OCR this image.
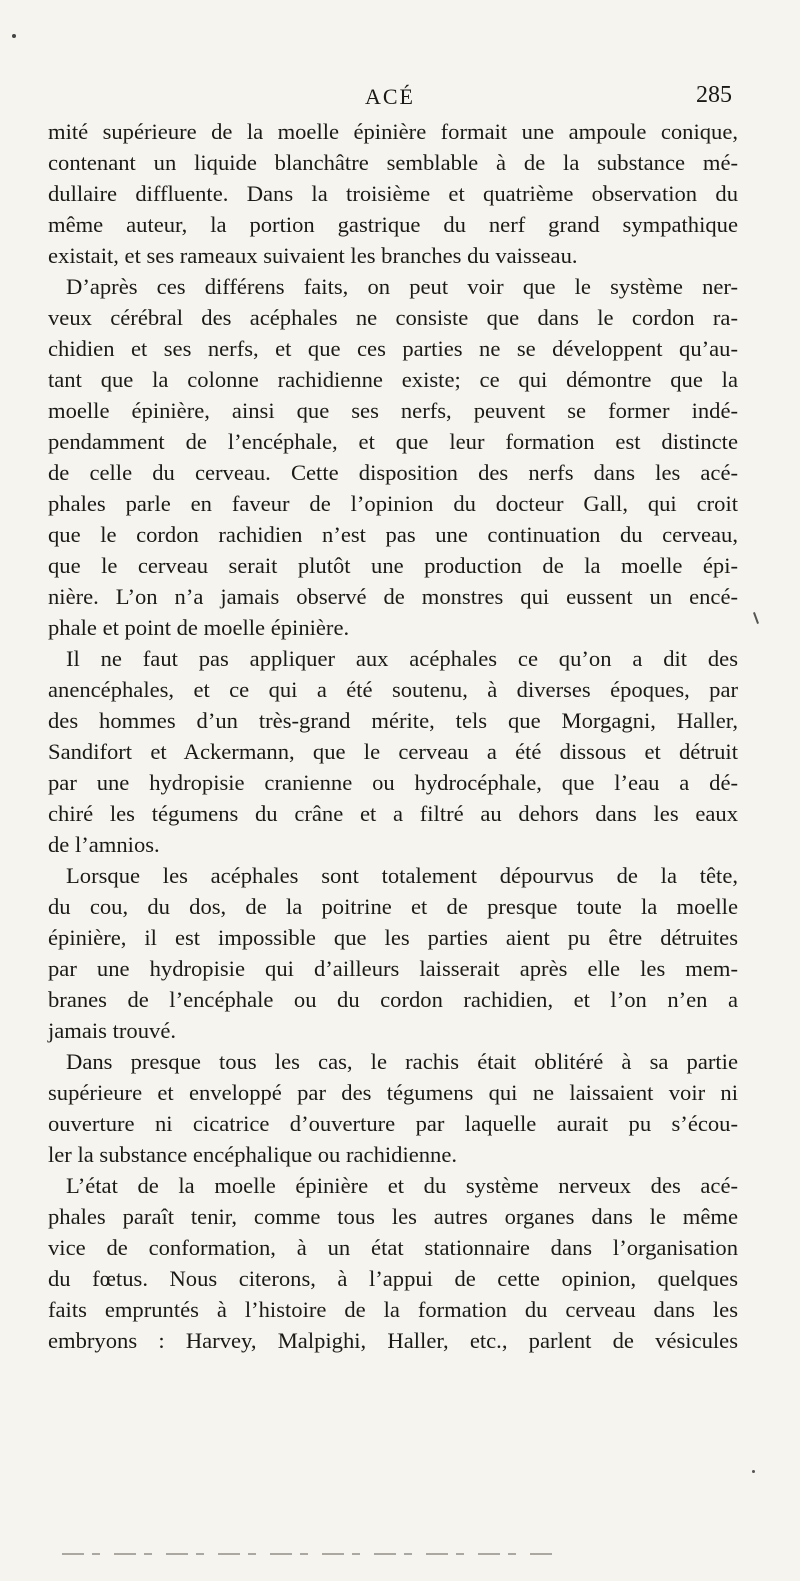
ACÉ	285
mité supérieure de la moelle épinière formait une ampoule conique,
contenant un liquide blanchâtre semblable à de la substance mé-
dullaire diffluente. Dans la troisième et quatrième observation du
même auteur, la portion gastrique du nerf grand sympathique
existait, et ses rameaux suivaient les branches du vaisseau.
D’après ces différens faits, on peut voir que le système ner-
veux cérébral des acéphales ne consiste que dans le cordon ra-
chidien et ses nerfs, et que ces parties ne se développent qu’au-
tant que la colonne rachidienne existe; ce qui démontre que la
moelle épinière, ainsi que ses nerfs, peuvent se former indé-
pendamment de l’encéphale, et que leur formation est distincte
de celle du cerveau. Cette disposition des nerfs dans les acé-
phales parle en faveur de l’opinion du docteur Gall, qui croit
que le cordon rachidien n’est pas une continuation du cerveau,
que le cerveau serait plutôt une production de la moelle épi-
nière. L’on n’a jamais observé de monstres qui eussent un encé-
phale et point de moelle épinière.
Il ne faut pas appliquer aux acéphales ce qu’on a dit des
anencéphales, et ce qui a été soutenu, à diverses époques, par
des hommes d’un très-grand mérite, tels que Morgagni, Haller,
Sandifort et Ackermann, que le cerveau a été dissous et détruit
par une hydropisie cranienne ou hydrocéphale, que l’eau a dé-
chiré les tégumens du crâne et a filtré au dehors dans les eaux
de l’amnios.
Lorsque les acéphales sont totalement dépourvus de la tête,
du cou, du dos, de la poitrine et de presque toute la moelle
épinière, il est impossible que les parties aient pu être détruites
par une hydropisie qui d’ailleurs laisserait après elle les mem-
branes de l’encéphale ou du cordon rachidien, et l’on n’en a
jamais trouvé.
Dans presque tous les cas, le rachis était oblitéré à sa partie
supérieure et enveloppé par des tégumens qui ne laissaient voir ni
ouverture ni cicatrice d’ouverture par laquelle aurait pu s’écou-
ler la substance encéphalique ou rachidienne.
L’état de la moelle épinière et du système nerveux des acé-
phales paraît tenir, comme tous les autres organes dans le même
vice de conformation, à un état stationnaire dans l’organisation
du fœtus. Nous citerons, à l’appui de cette opinion, quelques
faits empruntés à l’histoire de la formation du cerveau dans les
embryons : Harvey, Malpighi, Haller, etc., parlent de vésicules
